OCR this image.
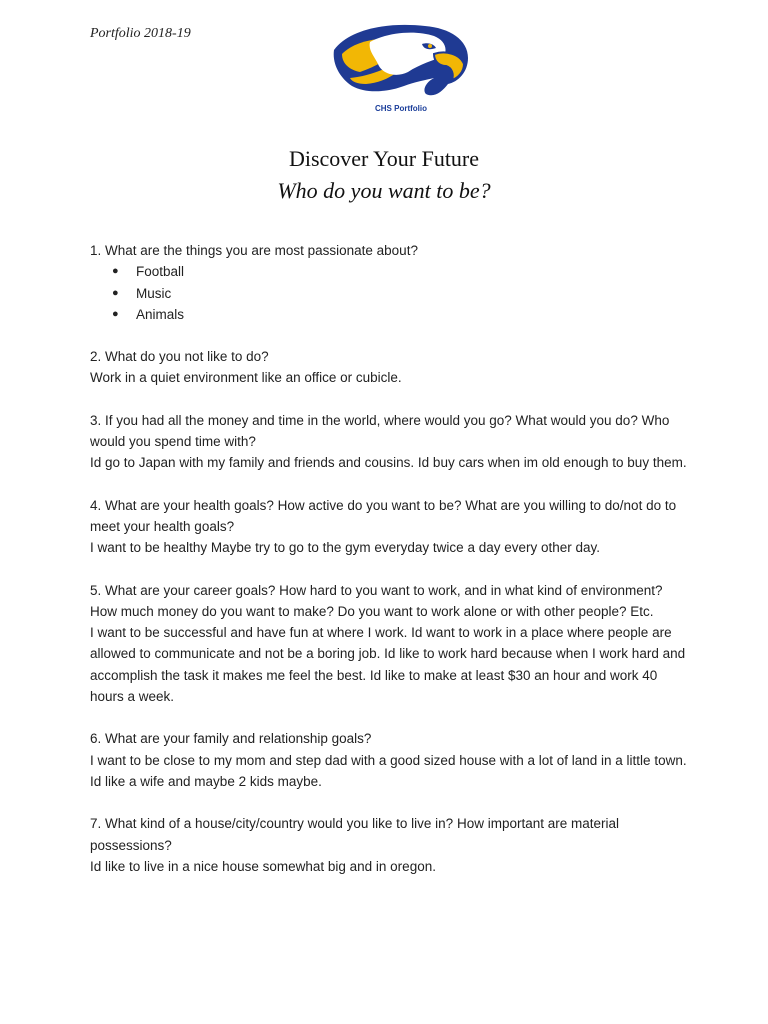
Portfolio 2018-19
CHS Portfolio
Discover Your Future
Who do you want to be?

1. What are the things you are most passionate about?

● Football
● Music
● Animals

2. What do you not like to do?

Work in a quiet environment like an office or cubicle.

3. If you had all the money and time in the world, where would you go? What would you do? Who would you spend time with?

Id go to Japan with my family and friends and cousins. Id buy cars when im old enough to buy them.

4. What are your health goals? How active do you want to be? What are you willing to do/not do to meet your health goals?

I want to be healthy Maybe try to go to the gym everyday twice a day every other day.

5. What are your career goals? How hard to you want to work, and in what kind of environment? How much money do you want to make? Do you want to work alone or with other people? Etc.

I want to be successful and have fun at where I work. Id want to work in a place where people are allowed to communicate and not be a boring job. Id like to work hard because when I work hard and accomplish the task it makes me feel the best. Id like to make at least $30 an hour and work 40 hours a week.

6. What are your family and relationship goals?

I want to be close to my mom and step dad with a good sized house with a lot of land in a little town. Id like a wife and maybe 2 kids maybe.

7. What kind of a house/city/country would you like to live in? How important are material possessions?

Id like to live in a nice house somewhat big and in oregon.
